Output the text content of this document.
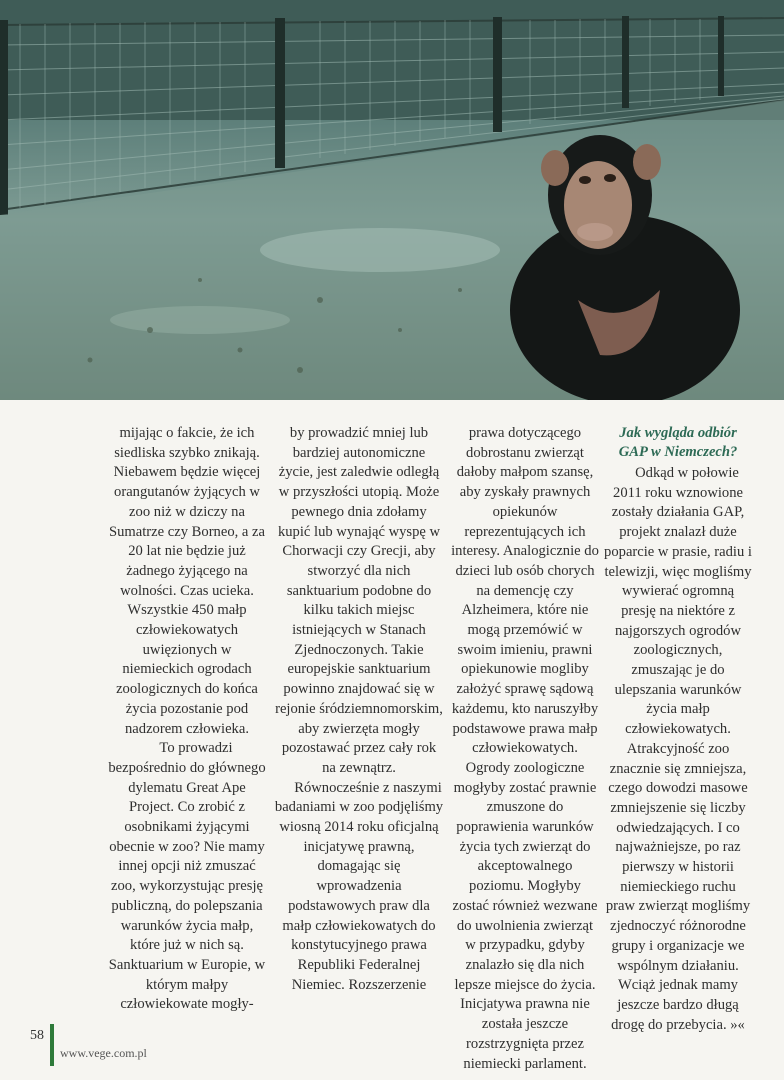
mijając o fakcie, że ich siedliska szybko znikają. Niebawem będzie więcej orangutanów żyjących w zoo niż w dziczy na Sumatrze czy Borneo, a za 20 lat nie będzie już żadnego żyjącego na wolności. Czas ucieka. Wszystkie 450 małp człowiekowatych uwięzionych w niemieckich ogrodach zoologicznych do końca życia pozostanie pod nadzorem człowieka.

To prowadzi bezpośrednio do głównego dylematu Great Ape Project. Co zrobić z osobnikami żyjącymi obecnie w zoo? Nie mamy innej opcji niż zmuszać zoo, wykorzystując presję publiczną, do polepszania warunków życia małp, które już w nich są. Sanktuarium w Europie, w którym małpy człowiekowate mogły-

by prowadzić mniej lub bardziej autonomiczne życie, jest zaledwie odległą w przyszłości utopią. Może pewnego dnia zdołamy kupić lub wynająć wyspę w Chorwacji czy Grecji, aby stworzyć dla nich sanktuarium podobne do kilku takich miejsc istniejących w Stanach Zjednoczonych. Takie europejskie sanktuarium powinno znajdować się w rejonie śródziemnomorskim, aby zwierzęta mogły pozostawać przez cały rok na zewnątrz.

Równocześnie z naszymi badaniami w zoo podjęliśmy wiosną 2014 roku oficjalną inicjatywę prawną, domagając się wprowadzenia podstawowych praw dla małp człowiekowatych do konstytucyjnego prawa Republiki Federalnej Niemiec. Rozszerzenie

prawa dotyczącego dobrostanu zwierząt dałoby małpom szansę, aby zyskały prawnych opiekunów reprezentujących ich interesy. Analogicznie do dzieci lub osób chorych na demencję czy Alzheimera, które nie mogą przemówić w swoim imieniu, prawni opiekunowie mogliby założyć sprawę sądową każdemu, kto naruszyłby podstawowe prawa małp człowiekowatych. Ogrody zoologiczne mogłyby zostać prawnie zmuszone do poprawienia warunków życia tych zwierząt do akceptowalnego poziomu. Mogłyby zostać również wezwane do uwolnienia zwierząt w przypadku, gdyby znalazło się dla nich lepsze miejsce do życia. Inicjatywa prawna nie została jeszcze rozstrzygnięta przez niemiecki parlament.

Jak wygląda odbiór GAP w Niemczech?

Odkąd w połowie 2011 roku wznowione zostały działania GAP, projekt znalazł duże poparcie w prasie, radiu i telewizji, więc mogliśmy wywierać ogromną presję na niektóre z najgorszych ogrodów zoologicznych, zmuszając je do ulepszania warunków życia małp człowiekowatych. Atrakcyjność zoo znacznie się zmniejsza, czego dowodzi masowe zmniejszenie się liczby odwiedzających. I co najważniejsze, po raz pierwszy w historii niemieckiego ruchu praw zwierząt mogliśmy zjednoczyć różnorodne grupy i organizacje we wspólnym działaniu. Wciąż jednak mamy jeszcze bardzo długą drogę do przebycia. »«

58
www.vege.com.pl
